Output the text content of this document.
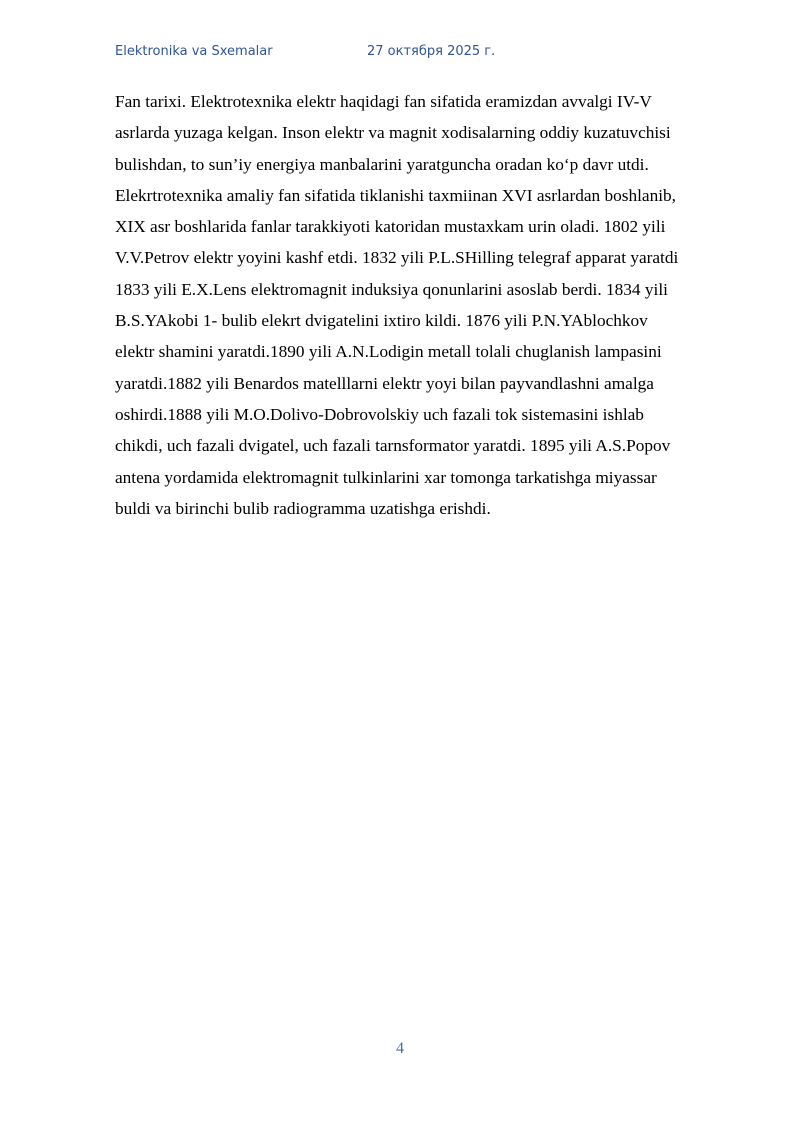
Elektronika va Sxemalar	27 октября 2025 г.
Fan tarixi. Elektrotexnika elektr haqidagi fan sifatida eramizdan avvalgi IV-V
asrlarda yuzaga kelgan. Inson elektr va magnit xodisalarning oddiy kuzatuvchisi
bulishdan, to sun’iy energiya manbalarini yaratguncha oradan ko‘p davr utdi.
Elekrtrotexnika amaliy fan sifatida tiklanishi taxmiinan XVI asrlardan boshlanib,
XIX asr boshlarida fanlar tarakkiyoti katoridan mustaxkam urin oladi. 1802 yili
V.V.Petrov elektr yoyini kashf etdi. 1832 yili P.L.SHilling telegraf apparat yaratdi
1833 yili E.X.Lens elektromagnit induksiya qonunlarini asoslab berdi. 1834 yili
B.S.YAkobi 1- bulib elekrt dvigatelini ixtiro kildi. 1876 yili P.N.YAblochkov
elektr shamini yaratdi.1890 yili A.N.Lodigin metall tolali chuglanish lampasini
yaratdi.1882 yili Benardos matelllarni elektr yoyi bilan payvandlashni amalga
oshirdi.1888 yili M.O.Dolivo-Dobrovolskiy uch fazali tok sistemasini ishlab
chikdi, uch fazali dvigatel, uch fazali tarnsformator yaratdi. 1895 yili A.S.Popov
antena yordamida elektromagnit tulkinlarini xar tomonga tarkatishga miyassar
buldi va birinchi bulib radiogramma uzatishga erishdi.
4
